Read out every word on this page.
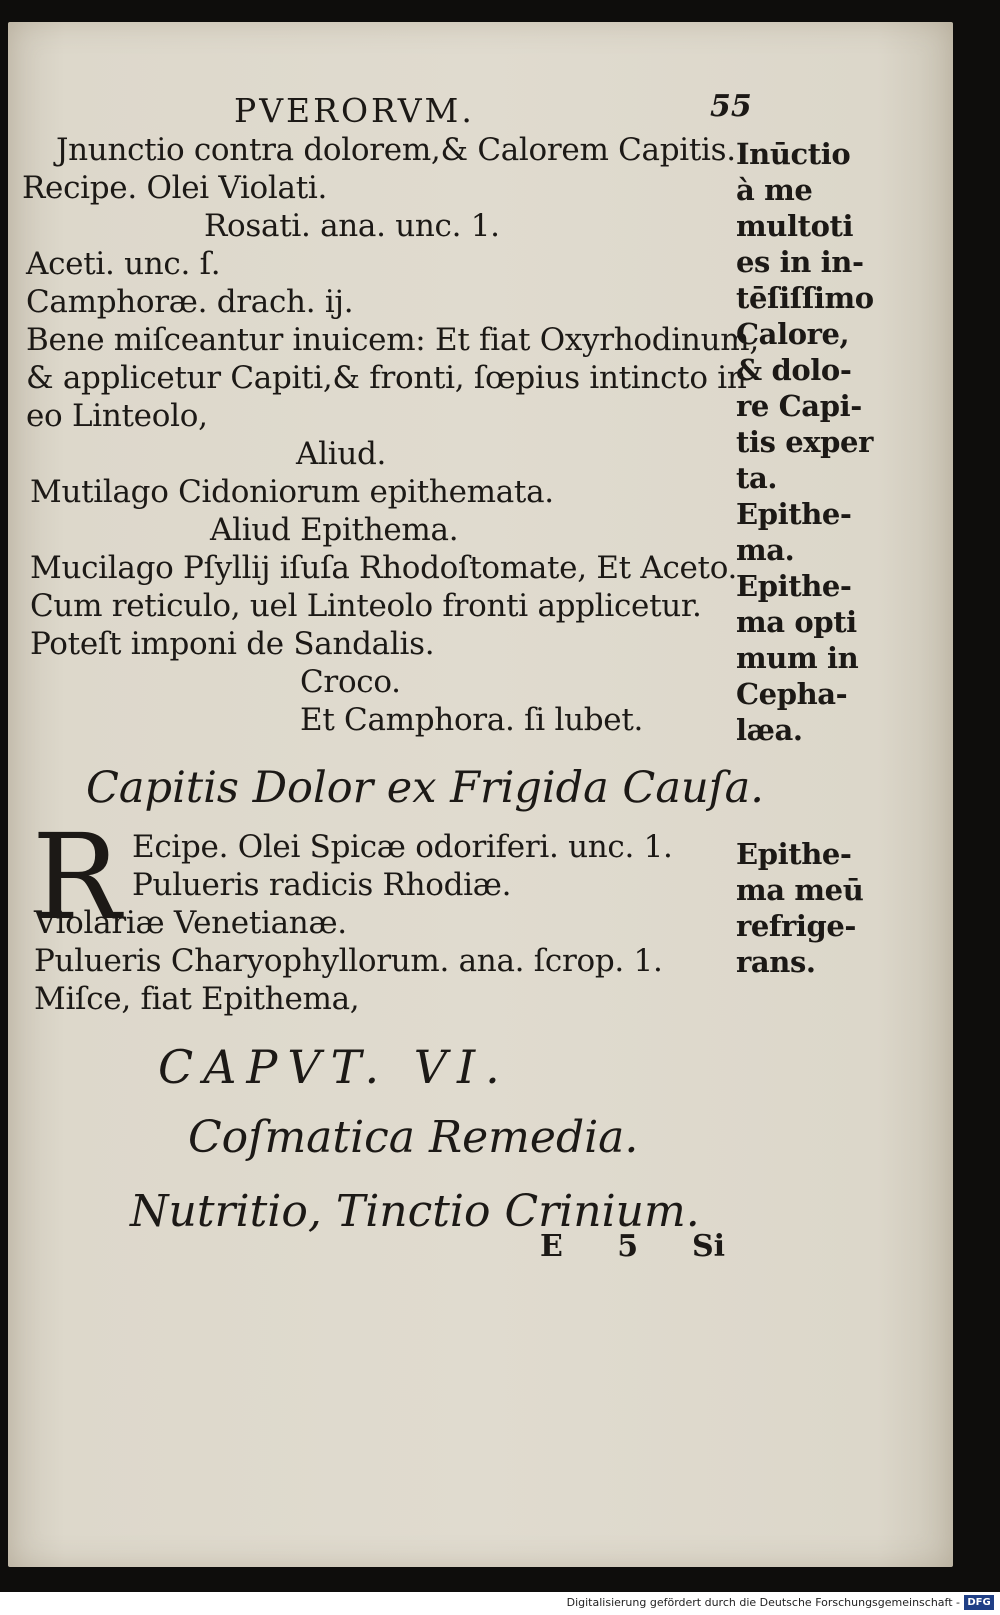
PVERORVM.	55
Jnunctio contra dolorem,& Calorem Capitis.
Recipe. Olei Violati.
Rosati. ana. unc. 1.
Aceti. unc. ſ.
Camphoræ. drach. ij.
Bene miſceantur inuicem: Et fiat Oxyrhodinum,
& applicetur Capiti,& fronti, ſœpius intincto in
eo Linteolo,
Aliud.
Mutilago Cidoniorum epithemata.
Aliud Epithema.
Mucilago Pſyllij iſuſa Rhodoſtomate, Et Aceto.
Cum reticulo, uel Linteolo fronti applicetur.
Poteſt imponi de Sandalis.
Croco.
Et Camphora. ſi lubet.
Capitis Dolor ex Frigida Cauſa.
R Ecipe. Olei Spicæ odoriferi. unc. 1.
Pulueris radicis Rhodiæ.
Violariæ Venetianæ.
Pulueris Charyophyllorum. ana. ſcrop. 1.
Miſce, fiat Epithema,
CAPVT. VI.
Coſmatica Remedia.
Nutritio, Tinctio Crinium.
E 5 Si
Inūctio
à me
multoti
es in in-
tēſiſſimo
Calore,
& dolo-
re Capi-
tis exper
ta.
Epithe-
ma.
Epithe-
ma opti
mum in
Cepha-
læa.
Epithe-
ma meū
refrige-
rans.
Digitalisierung gefördert durch die Deutsche Forschungsgemeinschaft - DFG
